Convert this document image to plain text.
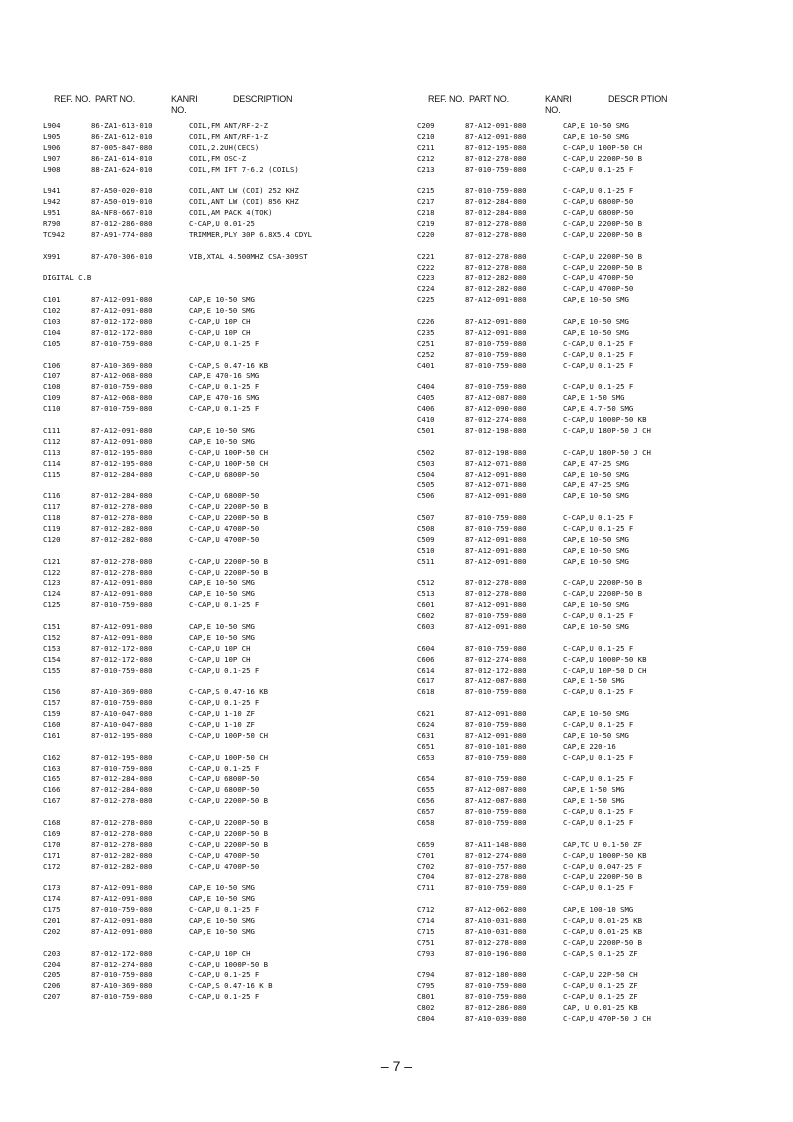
REF. NO. PART NO.	KANRI
NO.
DESCRIPTION	REF. NO. PART NO.	KANRI
NO.
DESCR PTION
L904	86-ZA1-613-010	COIL,FM ANT/RF-2-Z
L905	86-ZA1-612-010	COIL,FM ANT/RF-1-Z
L906	87-005-847-080	COIL,2.2UH(CECS)
L907	86-ZA1-614-010	COIL,FM OSC-Z
L908	88-ZA1-624-010	COIL,FM IFT 7-6.2 (COILS)
L941	87-A50-020-010	COIL,ANT LW (COI) 252 KHZ
L942	87-A50-019-010	COIL,ANT LW (COI) 856 KHZ
L951	8A-NF8-667-010	COIL,AM PACK 4(TOK)
R790	87-012-286-080	C-CAP,U 0.01-25
TC942	87-A91-774-080	TRIMMER,PLY 30P 6.8X5.4 CDYL
X991	87-A70-306-010	VIB,XTAL 4.500MHZ CSA-309ST
DIGITAL C.B
C101	87-A12-091-080	CAP,E 10-50 SMG
C102	87-A12-091-080	CAP,E 10-50 SMG
C103	87-012-172-080	C-CAP,U 10P CH
C104	87-012-172-080	C-CAP,U 10P CH
C105	87-010-759-080	C-CAP,U 0.1-25 F
C106	87-A10-369-080	C-CAP,S 0.47-16 KB
C107	87-A12-068-080	CAP,E 470-16 SMG
C108	87-010-759-080	C-CAP,U 0.1-25 F
C109	87-A12-068-080	CAP,E 470-16 SMG
C110	87-010-759-080	C-CAP,U 0.1-25 F
C111	87-A12-091-080	CAP,E 10-50 SMG
C112	87-A12-091-080	CAP,E 10-50 SMG
C113	87-012-195-080	C-CAP,U 100P-50 CH
C114	87-012-195-080	C-CAP,U 100P-50 CH
C115	87-012-284-080	C-CAP,U 6800P-50
C116	87-012-284-080	C-CAP,U 6800P-50
C117	87-012-278-080	C-CAP,U 2200P-50 B
C118	87-012-278-080	C-CAP,U 2200P-50 B
C119	87-012-282-080	C-CAP,U 4700P-50
C120	87-012-282-080	C-CAP,U 4700P-50
C121	87-012-278-080	C-CAP,U 2200P-50 B
C122	87-012-278-080	C-CAP,U 2200P-50 B
C123	87-A12-091-080	CAP,E 10-50 SMG
C124	87-A12-091-080	CAP,E 10-50 SMG
C125	87-010-759-080	C-CAP,U 0.1-25 F
C151	87-A12-091-080	CAP,E 10-50 SMG
C152	87-A12-091-080	CAP,E 10-50 SMG
C153	87-012-172-080	C-CAP,U 10P CH
C154	87-012-172-080	C-CAP,U 10P CH
C155	87-010-759-080	C-CAP,U 0.1-25 F
C156	87-A10-369-080	C-CAP,S 0.47-16 KB
C157	87-010-759-080	C-CAP,U 0.1-25 F
C159	87-A10-047-080	C-CAP,U 1-10 ZF
C160	87-A10-047-080	C-CAP,U 1-10 ZF
C161	87-012-195-080	C-CAP,U 100P-50 CH
C162	87-012-195-080	C-CAP,U 100P-50 CH
C163	87-010-759-080	C-CAP,U 0.1-25 F
C165	87-012-284-080	C-CAP,U 6800P-50
C166	87-012-284-080	C-CAP,U 6800P-50
C167	87-012-278-080	C-CAP,U 2200P-50 B
C168	87-012-278-080	C-CAP,U 2200P-50 B
C169	87-012-278-080	C-CAP,U 2200P-50 B
C170	87-012-278-080	C-CAP,U 2200P-50 B
C171	87-012-282-080	C-CAP,U 4700P-50
C172	87-012-282-080	C-CAP,U 4700P-50
C173	87-A12-091-080	CAP,E 10-50 SMG
C174	87-A12-091-080	CAP,E 10-50 SMG
C175	87-010-759-080	C-CAP,U 0.1-25 F
C201	87-A12-091-080	CAP,E 10-50 SMG
C202	87-A12-091-080	CAP,E 10-50 SMG
C203	87-012-172-080	C-CAP,U 10P CH
C204	87-012-274-080	C-CAP,U 1000P-50 B
C205	87-010-759-080	C-CAP,U 0.1-25 F
C206	87-A10-369-080	C-CAP,S 0.47-16 K B
C207	87-010-759-080	C-CAP,U 0.1-25 F
C209	87-A12-091-080	CAP,E 10-50 SMG
C210	87-A12-091-080	CAP,E 10-50 SMG
C211	87-012-195-080	C-CAP,U 100P-50 CH
C212	87-012-278-080	C-CAP,U 2200P-50 B
C213	87-010-759-080	C-CAP,U 0.1-25 F
C215	87-010-759-080	C-CAP,U 0.1-25 F
C217	87-012-284-080	C-CAP,U 6800P-50
C218	87-012-284-080	C-CAP,U 6800P-50
C219	87-012-278-080	C-CAP,U 2200P-50 B
C220	87-012-278-080	C-CAP,U 2200P-50 B
C221	87-012-278-080	C-CAP,U 2200P-50 B
C222	87-012-278-080	C-CAP,U 2200P-50 B
C223	87-012-282-080	C-CAP,U 4700P-50
C224	87-012-282-080	C-CAP,U 4700P-50
C225	87-A12-091-080	CAP,E 10-50 SMG
C226	87-A12-091-080	CAP,E 10-50 SMG
C235	87-A12-091-080	CAP,E 10-50 SMG
C251	87-010-759-080	C-CAP,U 0.1-25 F
C252	87-010-759-080	C-CAP,U 0.1-25 F
C401	87-010-759-080	C-CAP,U 0.1-25 F
C404	87-010-759-080	C-CAP,U 0.1-25 F
C405	87-A12-087-080	CAP,E 1-50 SMG
C406	87-A12-090-080	CAP,E 4.7-50 SMG
C410	87-012-274-080	C-CAP,U 1000P-50 KB
C501	87-012-198-080	C-CAP,U 180P-50 J CH
C502	87-012-198-080	C-CAP,U 180P-50 J CH
C503	87-A12-071-080	CAP,E 47-25 SMG
C504	87-A12-091-080	CAP,E 10-50 SMG
C505	87-A12-071-080	CAP,E 47-25 SMG
C506	87-A12-091-080	CAP,E 10-50 SMG
C507	87-010-759-080	C-CAP,U 0.1-25 F
C508	87-010-759-080	C-CAP,U 0.1-25 F
C509	87-A12-091-080	CAP,E 10-50 SMG
C510	87-A12-091-080	CAP,E 10-50 SMG
C511	87-A12-091-080	CAP,E 10-50 SMG
C512	87-012-278-080	C-CAP,U 2200P-50 B
C513	87-012-278-080	C-CAP,U 2200P-50 B
C601	87-A12-091-080	CAP,E 10-50 SMG
C602	87-010-759-080	C-CAP,U 0.1-25 F
C603	87-A12-091-080	CAP,E 10-50 SMG
C604	87-010-759-080	C-CAP,U 0.1-25 F
C606	87-012-274-080	C-CAP,U 1000P-50 KB
C614	87-012-172-080	C-CAP,U 10P-50 D CH
C617	87-A12-087-080	CAP,E 1-50 SMG
C618	87-010-759-080	C-CAP,U 0.1-25 F
C621	87-A12-091-080	CAP,E 10-50 SMG
C624	87-010-759-080	C-CAP,U 0.1-25 F
C631	87-A12-091-080	CAP,E 10-50 SMG
C651	87-010-101-080	CAP,E 220-16
C653	87-010-759-080	C-CAP,U 0.1-25 F
C654	87-010-759-080	C-CAP,U 0.1-25 F
C655	87-A12-087-080	CAP,E 1-50 SMG
C656	87-A12-087-080	CAP,E 1-50 SMG
C657	87-010-759-080	C-CAP,U 0.1-25 F
C658	87-010-759-080	C-CAP,U 0.1-25 F
C659	87-A11-148-080	CAP,TC U 0.1-50 ZF
C701	87-012-274-080	C-CAP,U 1000P-50 KB
C702	87-010-757-080	C-CAP,U 0.047-25 F
C704	87-012-278-080	C-CAP,U 2200P-50 B
C711	87-010-759-080	C-CAP,U 0.1-25 F
C712	87-A12-062-080	CAP,E 100-10 SMG
C714	87-A10-031-080	C-CAP,U 0.01-25 KB
C715	87-A10-031-080	C-CAP,U 0.01-25 KB
C751	87-012-278-080	C-CAP,U 2200P-50 B
C793	87-010-196-080	C-CAP,S 0.1-25 ZF
C794	87-012-180-080	C-CAP,U 22P-50 CH
C795	87-010-759-080	C-CAP,U 0.1-25 ZF
C801	87-010-759-080	C-CAP,U 0.1-25 ZF
C802	87-012-286-080	CAP, U 0.01-25 KB
C804	87-A10-039-080	C-CAP,U 470P-50 J CH
– 7 –
